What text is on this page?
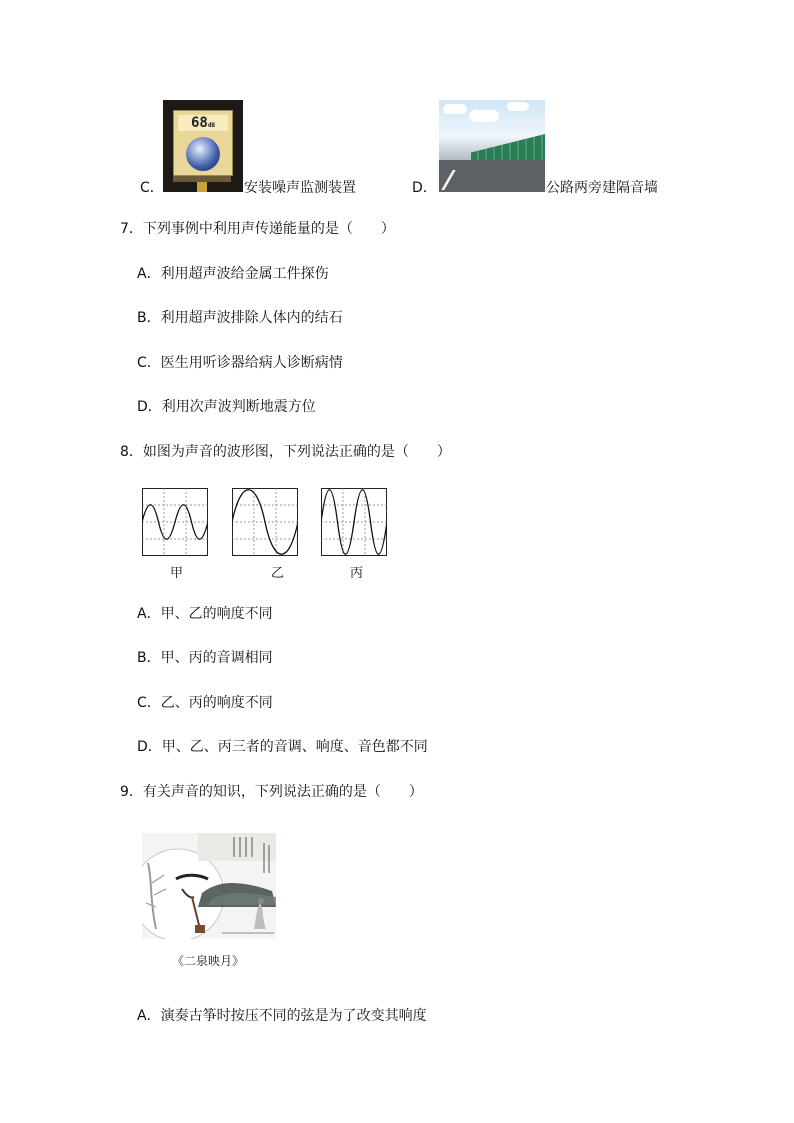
68dB
C．	安装噪声监测装置	D．	公路两旁建隔音墙
7．下列事例中利用声传递能量的是（　　）
A．利用超声波给金属工件探伤
B．利用超声波排除人体内的结石
C．医生用听诊器给病人诊断病情
D．利用次声波判断地震方位
8．如图为声音的波形图，下列说法正确的是（　　）
甲	乙	丙
A．甲、乙的响度不同
B．甲、丙的音调相同
C．乙、丙的响度不同
D．甲、乙、丙三者的音调、响度、音色都不同
9．有关声音的知识，下列说法正确的是（　　）
《二泉映月》
A．演奏古筝时按压不同的弦是为了改变其响度
